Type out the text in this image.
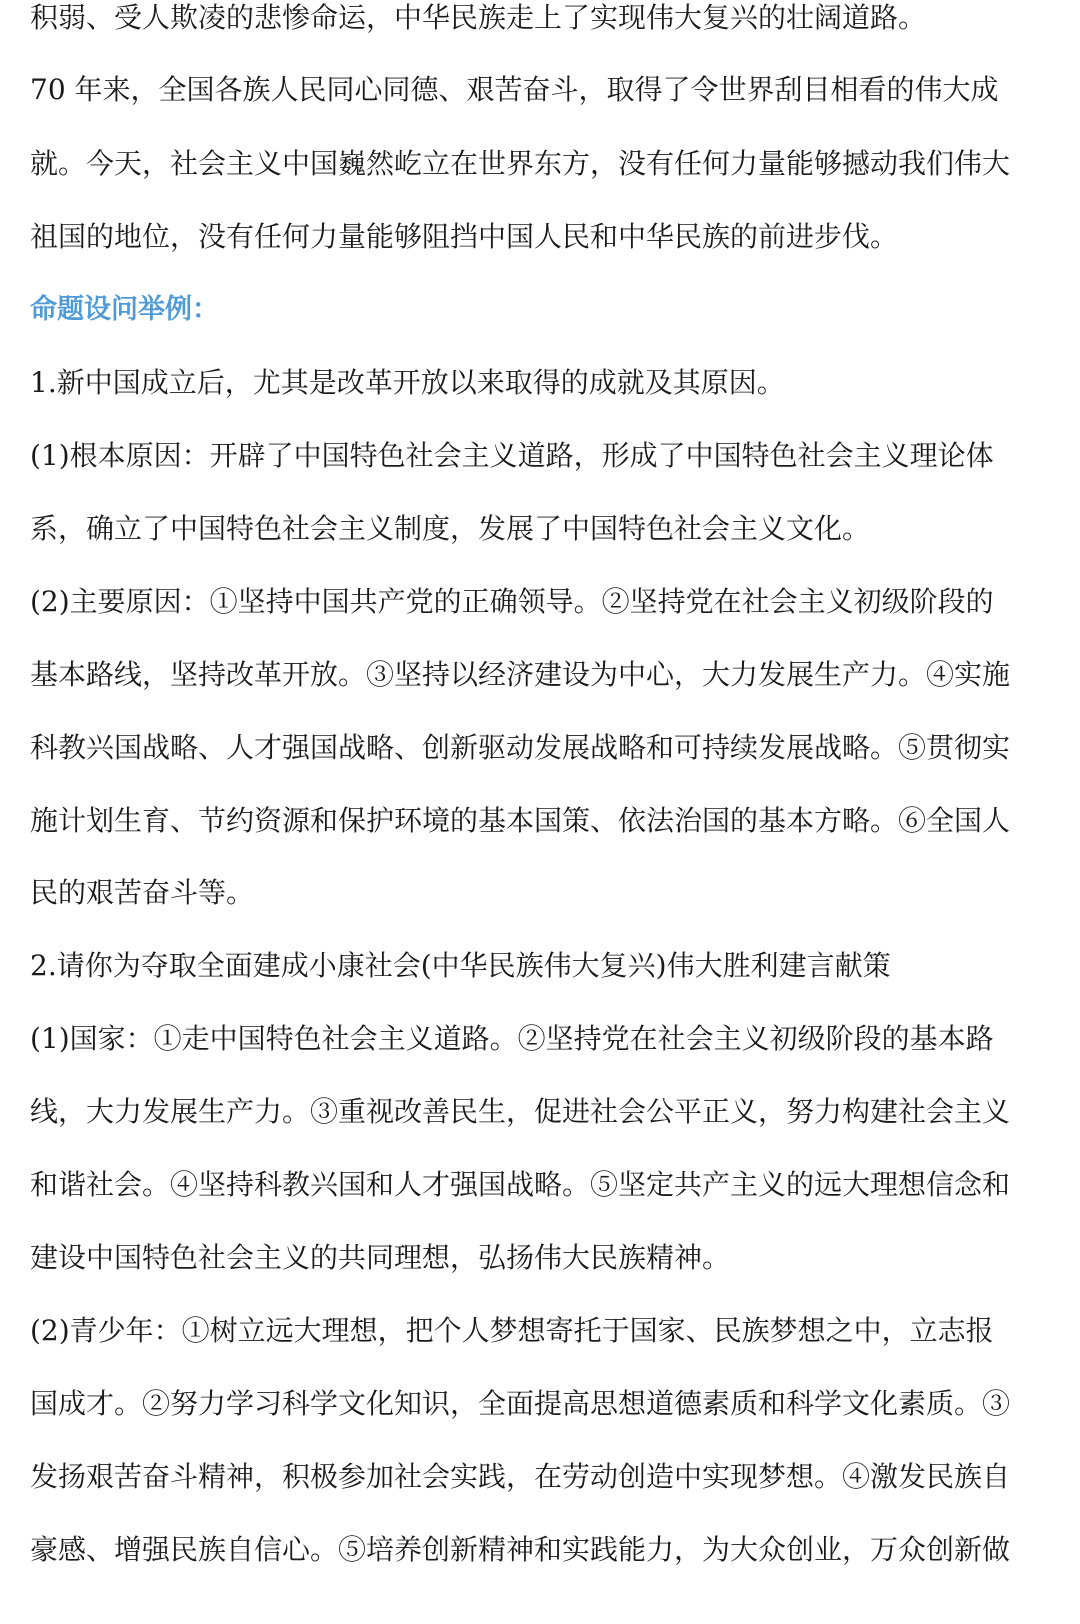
积弱、受人欺凌的悲惨命运，中华民族走上了实现伟大复兴的壮阔道路。
70 年来，全国各族人民同心同德、艰苦奋斗，取得了令世界刮目相看的伟大成
就。今天，社会主义中国巍然屹立在世界东方，没有任何力量能够撼动我们伟大
祖国的地位，没有任何力量能够阻挡中国人民和中华民族的前进步伐。
命题设问举例：
1.新中国成立后，尤其是改革开放以来取得的成就及其原因。
(1)根本原因：开辟了中国特色社会主义道路，形成了中国特色社会主义理论体
系，确立了中国特色社会主义制度，发展了中国特色社会主义文化。
(2)主要原因：①坚持中国共产党的正确领导。②坚持党在社会主义初级阶段的
基本路线，坚持改革开放。③坚持以经济建设为中心，大力发展生产力。④实施
科教兴国战略、人才强国战略、创新驱动发展战略和可持续发展战略。⑤贯彻实
施计划生育、节约资源和保护环境的基本国策、依法治国的基本方略。⑥全国人
民的艰苦奋斗等。
2.请你为夺取全面建成小康社会(中华民族伟大复兴)伟大胜利建言献策
(1)国家：①走中国特色社会主义道路。②坚持党在社会主义初级阶段的基本路
线，大力发展生产力。③重视改善民生，促进社会公平正义，努力构建社会主义
和谐社会。④坚持科教兴国和人才强国战略。⑤坚定共产主义的远大理想信念和
建设中国特色社会主义的共同理想，弘扬伟大民族精神。
(2)青少年：①树立远大理想，把个人梦想寄托于国家、民族梦想之中，立志报
国成才。②努力学习科学文化知识，全面提高思想道德素质和科学文化素质。③
发扬艰苦奋斗精神，积极参加社会实践，在劳动创造中实现梦想。④激发民族自
豪感、增强民族自信心。⑤培养创新精神和实践能力，为大众创业，万众创新做
